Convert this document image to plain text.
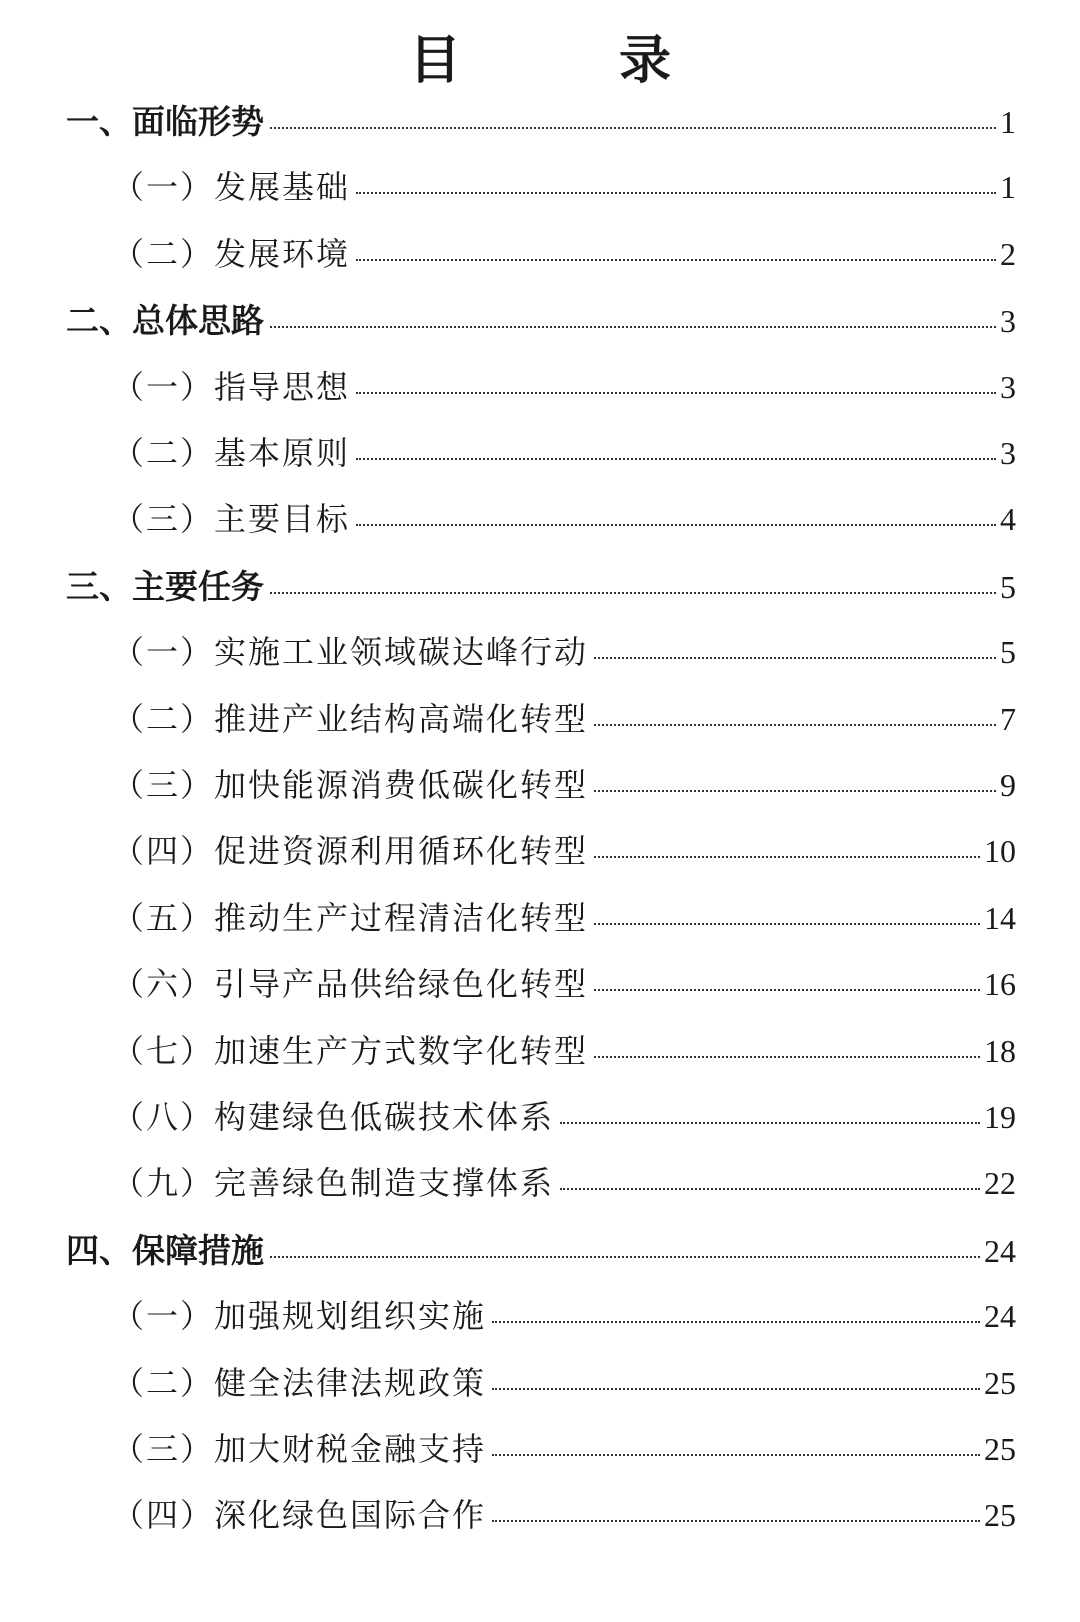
目 录
一、面临形势	1
（一）发展基础	1
（二）发展环境	2
二、总体思路	3
（一）指导思想	3
（二）基本原则	3
（三）主要目标	4
三、主要任务	5
（一）实施工业领域碳达峰行动	5
（二）推进产业结构高端化转型	7
（三）加快能源消费低碳化转型	9
（四）促进资源利用循环化转型	10
（五）推动生产过程清洁化转型	14
（六）引导产品供给绿色化转型	16
（七）加速生产方式数字化转型	18
（八）构建绿色低碳技术体系	19
（九）完善绿色制造支撑体系	22
四、保障措施	24
（一）加强规划组织实施	24
（二）健全法律法规政策	25
（三）加大财税金融支持	25
（四）深化绿色国际合作	25
